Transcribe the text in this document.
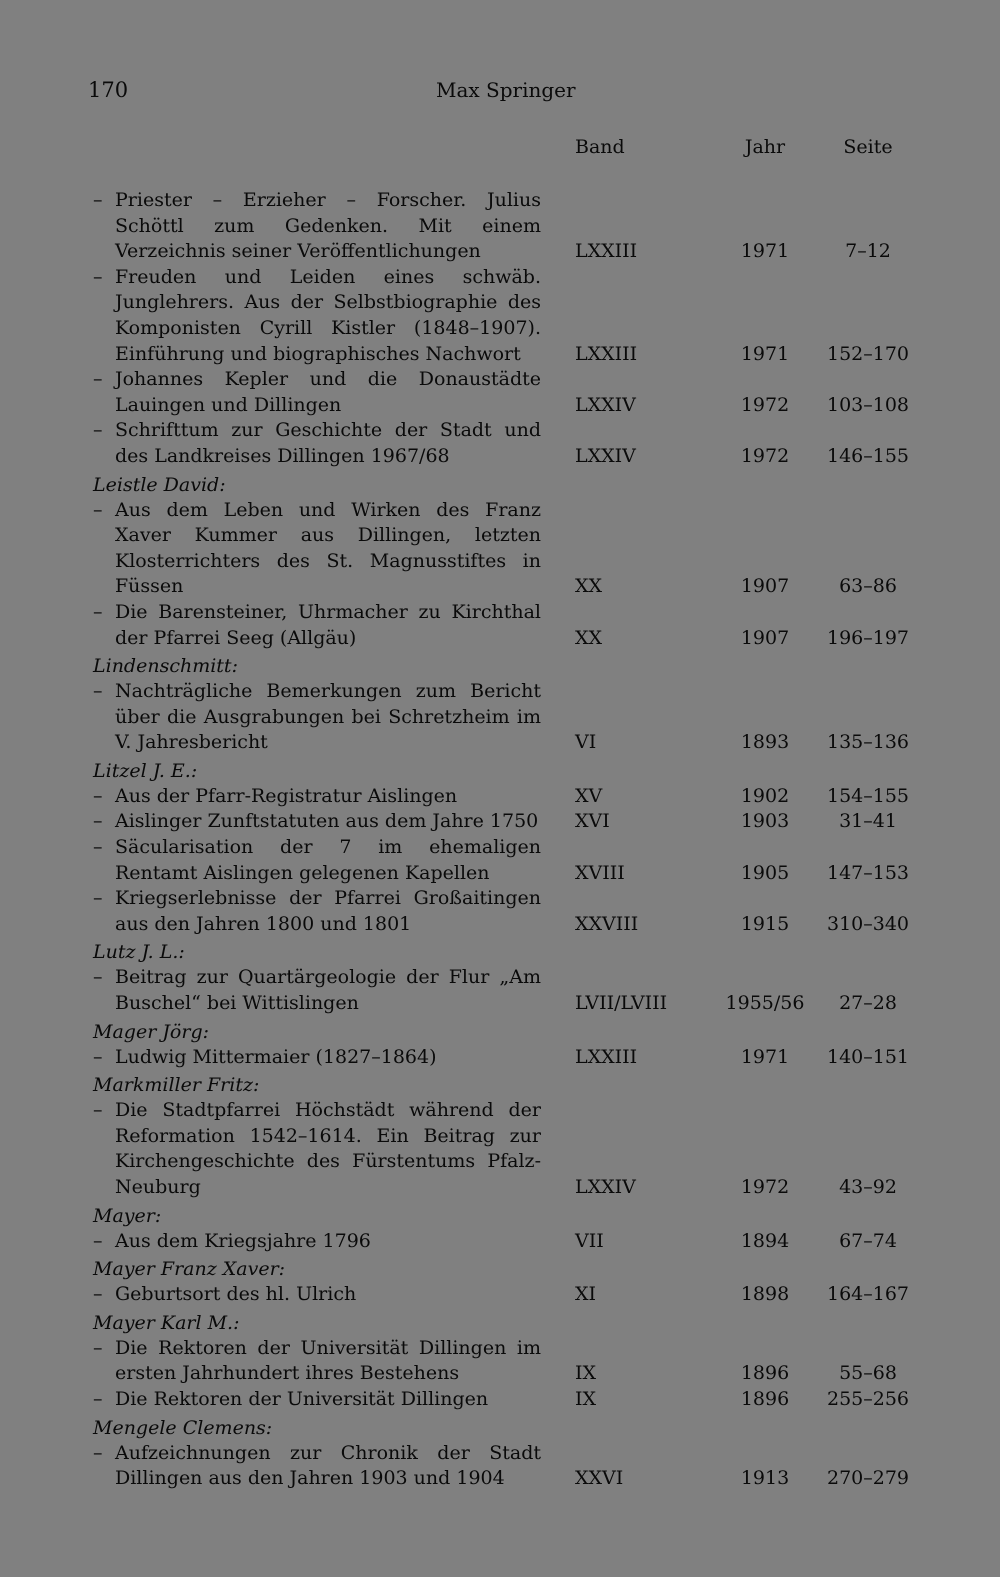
170	Max Springer
Band	Jahr	Seite
– Priester – Erzieher – Forscher. Julius Schöttl zum Gedenken. Mit einem Verzeichnis seiner Veröffentlichungen	LXXIII	1971	7–12
– Freuden und Leiden eines schwäb. Junglehrers. Aus der Selbstbiographie des Komponisten Cyrill Kistler (1848–1907). Einführung und biographisches Nachwort	LXXIII	1971	152–170
– Johannes Kepler und die Donaustädte Lauingen und Dillingen	LXXIV	1972	103–108
– Schrifttum zur Geschichte der Stadt und des Landkreises Dillingen 1967/68	LXXIV	1972	146–155
Leistle David:
– Aus dem Leben und Wirken des Franz Xaver Kummer aus Dillingen, letzten Klosterrichters des St. Magnusstiftes in Füssen	XX	1907	63–86
– Die Barensteiner, Uhrmacher zu Kirchthal der Pfarrei Seeg (Allgäu)	XX	1907	196–197
Lindenschmitt:
– Nachträgliche Bemerkungen zum Bericht über die Ausgrabungen bei Schretzheim im V. Jahresbericht	VI	1893	135–136
Litzel J. E.:
– Aus der Pfarr-Registratur Aislingen	XV	1902	154–155
– Aislinger Zunftstatuten aus dem Jahre 1750 XVI	1903	31–41
– Säcularisation der 7 im ehemaligen Rentamt Aislingen gelegenen Kapellen	XVIII	1905	147–153
– Kriegserlebnisse der Pfarrei Großaitingen aus den Jahren 1800 und 1801	XXVIII	1915	310–340
Lutz J. L.:
– Beitrag zur Quartärgeologie der Flur „Am Buschel“ bei Wittislingen	LVII/LVIII	1955/56	27–28
Mager Jörg:
– Ludwig Mittermaier (1827–1864)	LXXIII	1971	140–151
Markmiller Fritz:
– Die Stadtpfarrei Höchstädt während der Reformation 1542–1614. Ein Beitrag zur Kirchengeschichte des Fürstentums Pfalz-Neuburg	LXXIV	1972	43–92
Mayer:
– Aus dem Kriegsjahre 1796	VII	1894	67–74
Mayer Franz Xaver:
– Geburtsort des hl. Ulrich	XI	1898	164–167
Mayer Karl M.:
– Die Rektoren der Universität Dillingen im ersten Jahrhundert ihres Bestehens	IX	1896	55–68
– Die Rektoren der Universität Dillingen	IX	1896	255–256
Mengele Clemens:
– Aufzeichnungen zur Chronik der Stadt Dillingen aus den Jahren 1903 und 1904	XXVI	1913	270–279
